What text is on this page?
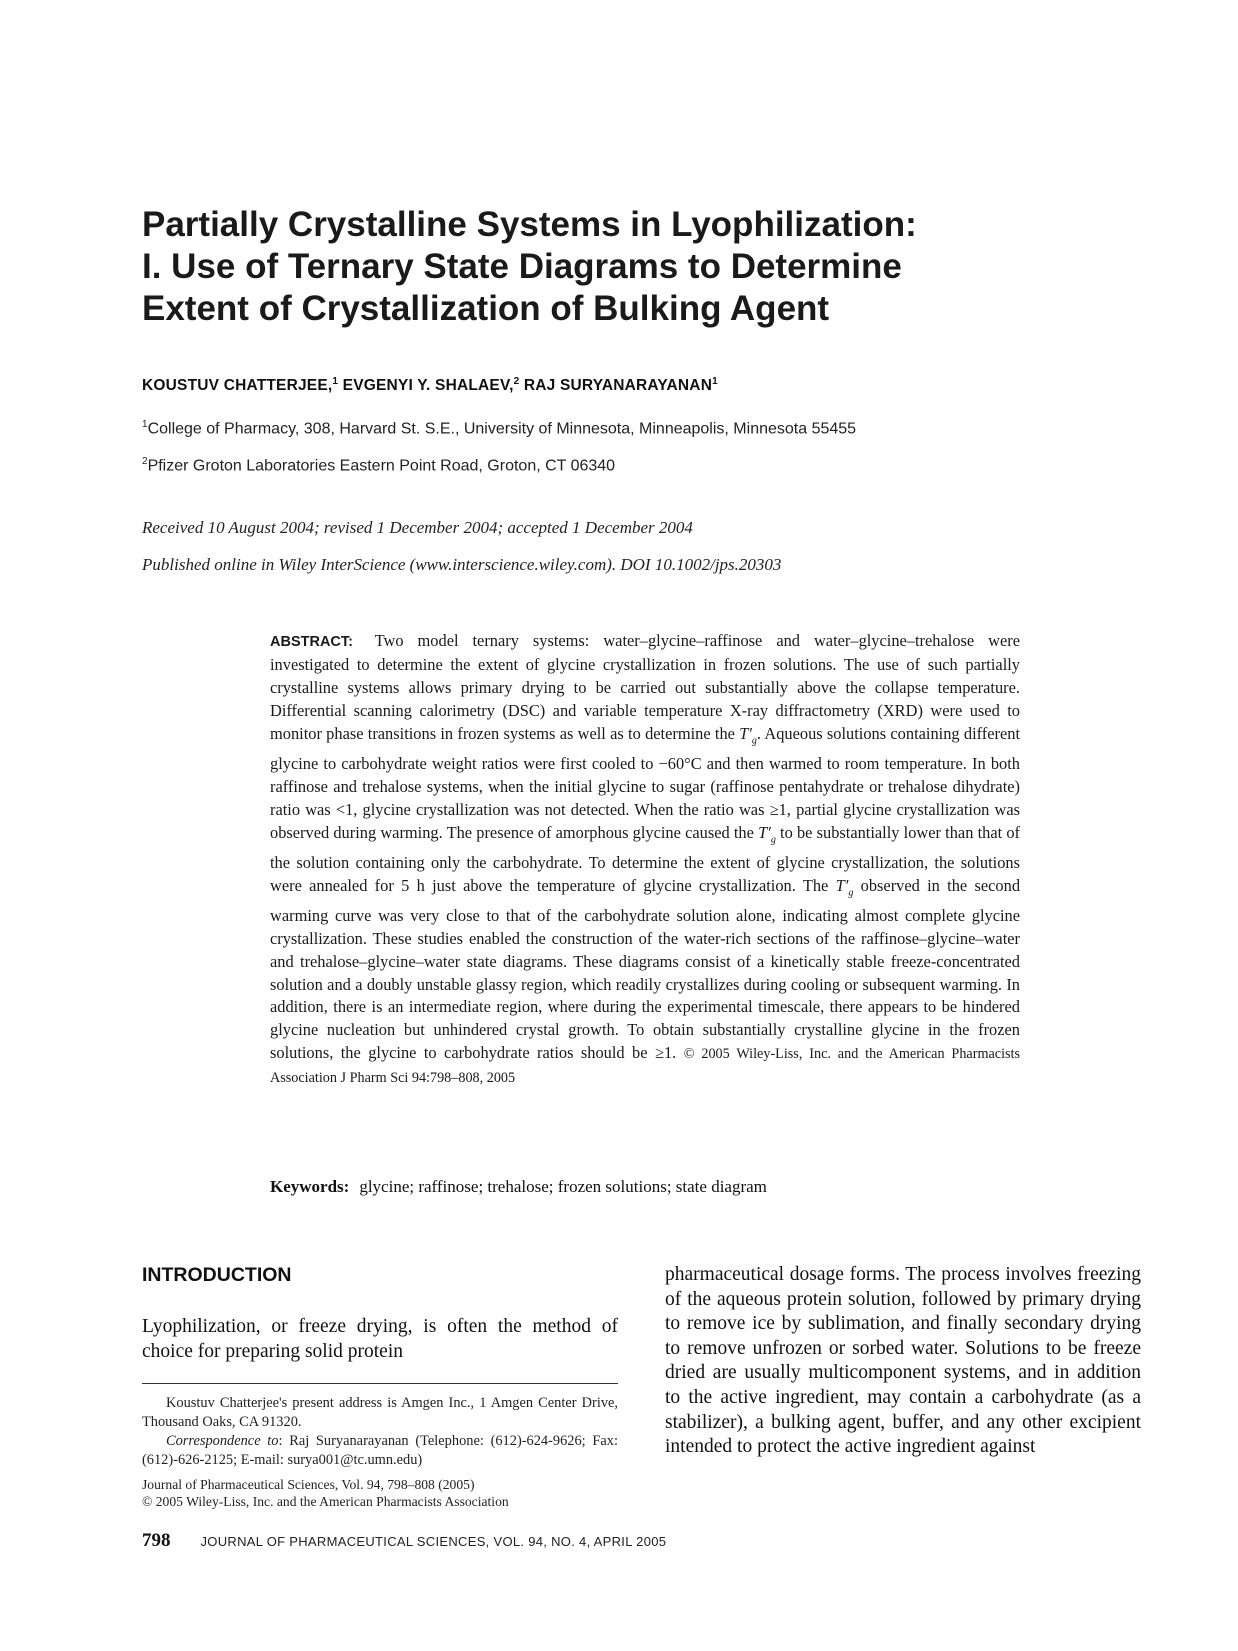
Partially Crystalline Systems in Lyophilization:
I. Use of Ternary State Diagrams to Determine
Extent of Crystallization of Bulking Agent
KOUSTUV CHATTERJEE,$^1$ EVGENYI Y. SHALAEV,$^2$ RAJ SURYANARAYANAN$^1$
$^1$College of Pharmacy, 308, Harvard St. S.E., University of Minnesota, Minneapolis, Minnesota 55455
$^2$Pfizer Groton Laboratories Eastern Point Road, Groton, CT 06340
Received 10 August 2004; revised 1 December 2004; accepted 1 December 2004
Published online in Wiley InterScience (www.interscience.wiley.com). DOI 10.1002/jps.20303
ABSTRACT: Two model ternary systems: water–glycine–raffinose and water–glycine–trehalose were investigated to determine the extent of glycine crystallization in frozen solutions. The use of such partially crystalline systems allows primary drying to be carried out substantially above the collapse temperature. Differential scanning calorimetry (DSC) and variable temperature X-ray diffractometry (XRD) were used to monitor phase transitions in frozen systems as well as to determine the $T'_g$. Aqueous solutions containing different glycine to carbohydrate weight ratios were first cooled to −60°C and then warmed to room temperature. In both raffinose and trehalose systems, when the initial glycine to sugar (raffinose pentahydrate or trehalose dihydrate) ratio was <1, glycine crystallization was not detected. When the ratio was ≥1, partial glycine crystallization was observed during warming. The presence of amorphous glycine caused the $T'_g$ to be substantially lower than that of the solution containing only the carbohydrate. To determine the extent of glycine crystallization, the solutions were annealed for 5 h just above the temperature of glycine crystallization. The $T'_g$ observed in the second warming curve was very close to that of the carbohydrate solution alone, indicating almost complete glycine crystallization. These studies enabled the construction of the water-rich sections of the raffinose–glycine–water and trehalose–glycine–water state diagrams. These diagrams consist of a kinetically stable freeze-concentrated solution and a doubly unstable glassy region, which readily crystallizes during cooling or subsequent warming. In addition, there is an intermediate region, where during the experimental timescale, there appears to be hindered glycine nucleation but unhindered crystal growth. To obtain substantially crystalline glycine in the frozen solutions, the glycine to carbohydrate ratios should be ≥1. © 2005 Wiley-Liss, Inc. and the American Pharmacists Association J Pharm Sci 94:798–808, 2005
Keywords: glycine; raffinose; trehalose; frozen solutions; state diagram
INTRODUCTION
Lyophilization, or freeze drying, is often the method of choice for preparing solid protein

Koustuv Chatterjee's present address is Amgen Inc., 1 Amgen Center Drive, Thousand Oaks, CA 91320.

Correspondence to: Raj Suryanarayanan (Telephone: (612)-624-9626; Fax: (612)-626-2125; E-mail: surya001@tc.umn.edu)

Journal of Pharmaceutical Sciences, Vol. 94, 798–808 (2005)
© 2005 Wiley-Liss, Inc. and the American Pharmacists Association
pharmaceutical dosage forms. The process involves freezing of the aqueous protein solution, followed by primary drying to remove ice by sublimation, and finally secondary drying to remove unfrozen or sorbed water. Solutions to be freeze dried are usually multicomponent systems, and in addition to the active ingredient, may contain a carbohydrate (as a stabilizer), a bulking agent, buffer, and any other excipient intended to protect the active ingredient against
798 JOURNAL OF PHARMACEUTICAL SCIENCES, VOL. 94, NO. 4, APRIL 2005
